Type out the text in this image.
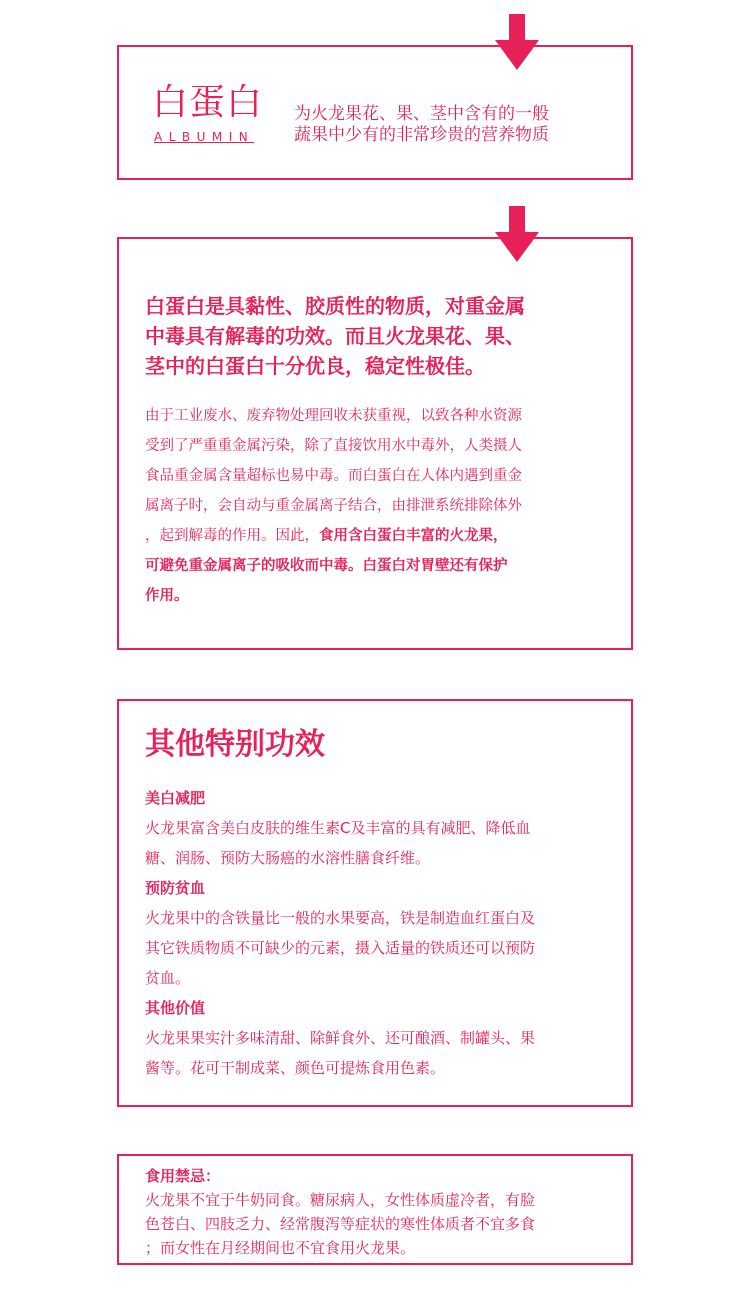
白蛋白
ALBUMIN
为火龙果花、果、茎中含有的一般
蔬果中少有的非常珍贵的营养物质
白蛋白是具黏性、胶质性的物质，对重金属
中毒具有解毒的功效。而且火龙果花、果、
茎中的白蛋白十分优良，稳定性极佳。
由于工业废水、废弃物处理回收未获重视，以致各种水资源
受到了严重重金属污染，除了直接饮用水中毒外，人类摄人
食品重金属含量超标也易中毒。而白蛋白在人体内遇到重金
属离子时，会自动与重金属离子结合，由排泄系统排除体外
，起到解毒的作用。因此，食用含白蛋白丰富的火龙果，
可避免重金属离子的吸收而中毒。白蛋白对胃壁还有保护
作用。
其他特别功效
美白减肥
火龙果富含美白皮肤的维生素C及丰富的具有减肥、降低血
糖、润肠、预防大肠癌的水溶性膳食纤维。
预防贫血
火龙果中的含铁量比一般的水果要高，铁是制造血红蛋白及
其它铁质物质不可缺少的元素，摄入适量的铁质还可以预防
贫血。
其他价值
火龙果果实汁多味清甜、除鲜食外、还可酿酒、制罐头、果
酱等。花可干制成菜、颜色可提炼食用色素。
食用禁忌：
火龙果不宜于牛奶同食。糖尿病人，女性体质虚冷者，有脸
色苍白、四肢乏力、经常腹泻等症状的寒性体质者不宜多食
；而女性在月经期间也不宜食用火龙果。
